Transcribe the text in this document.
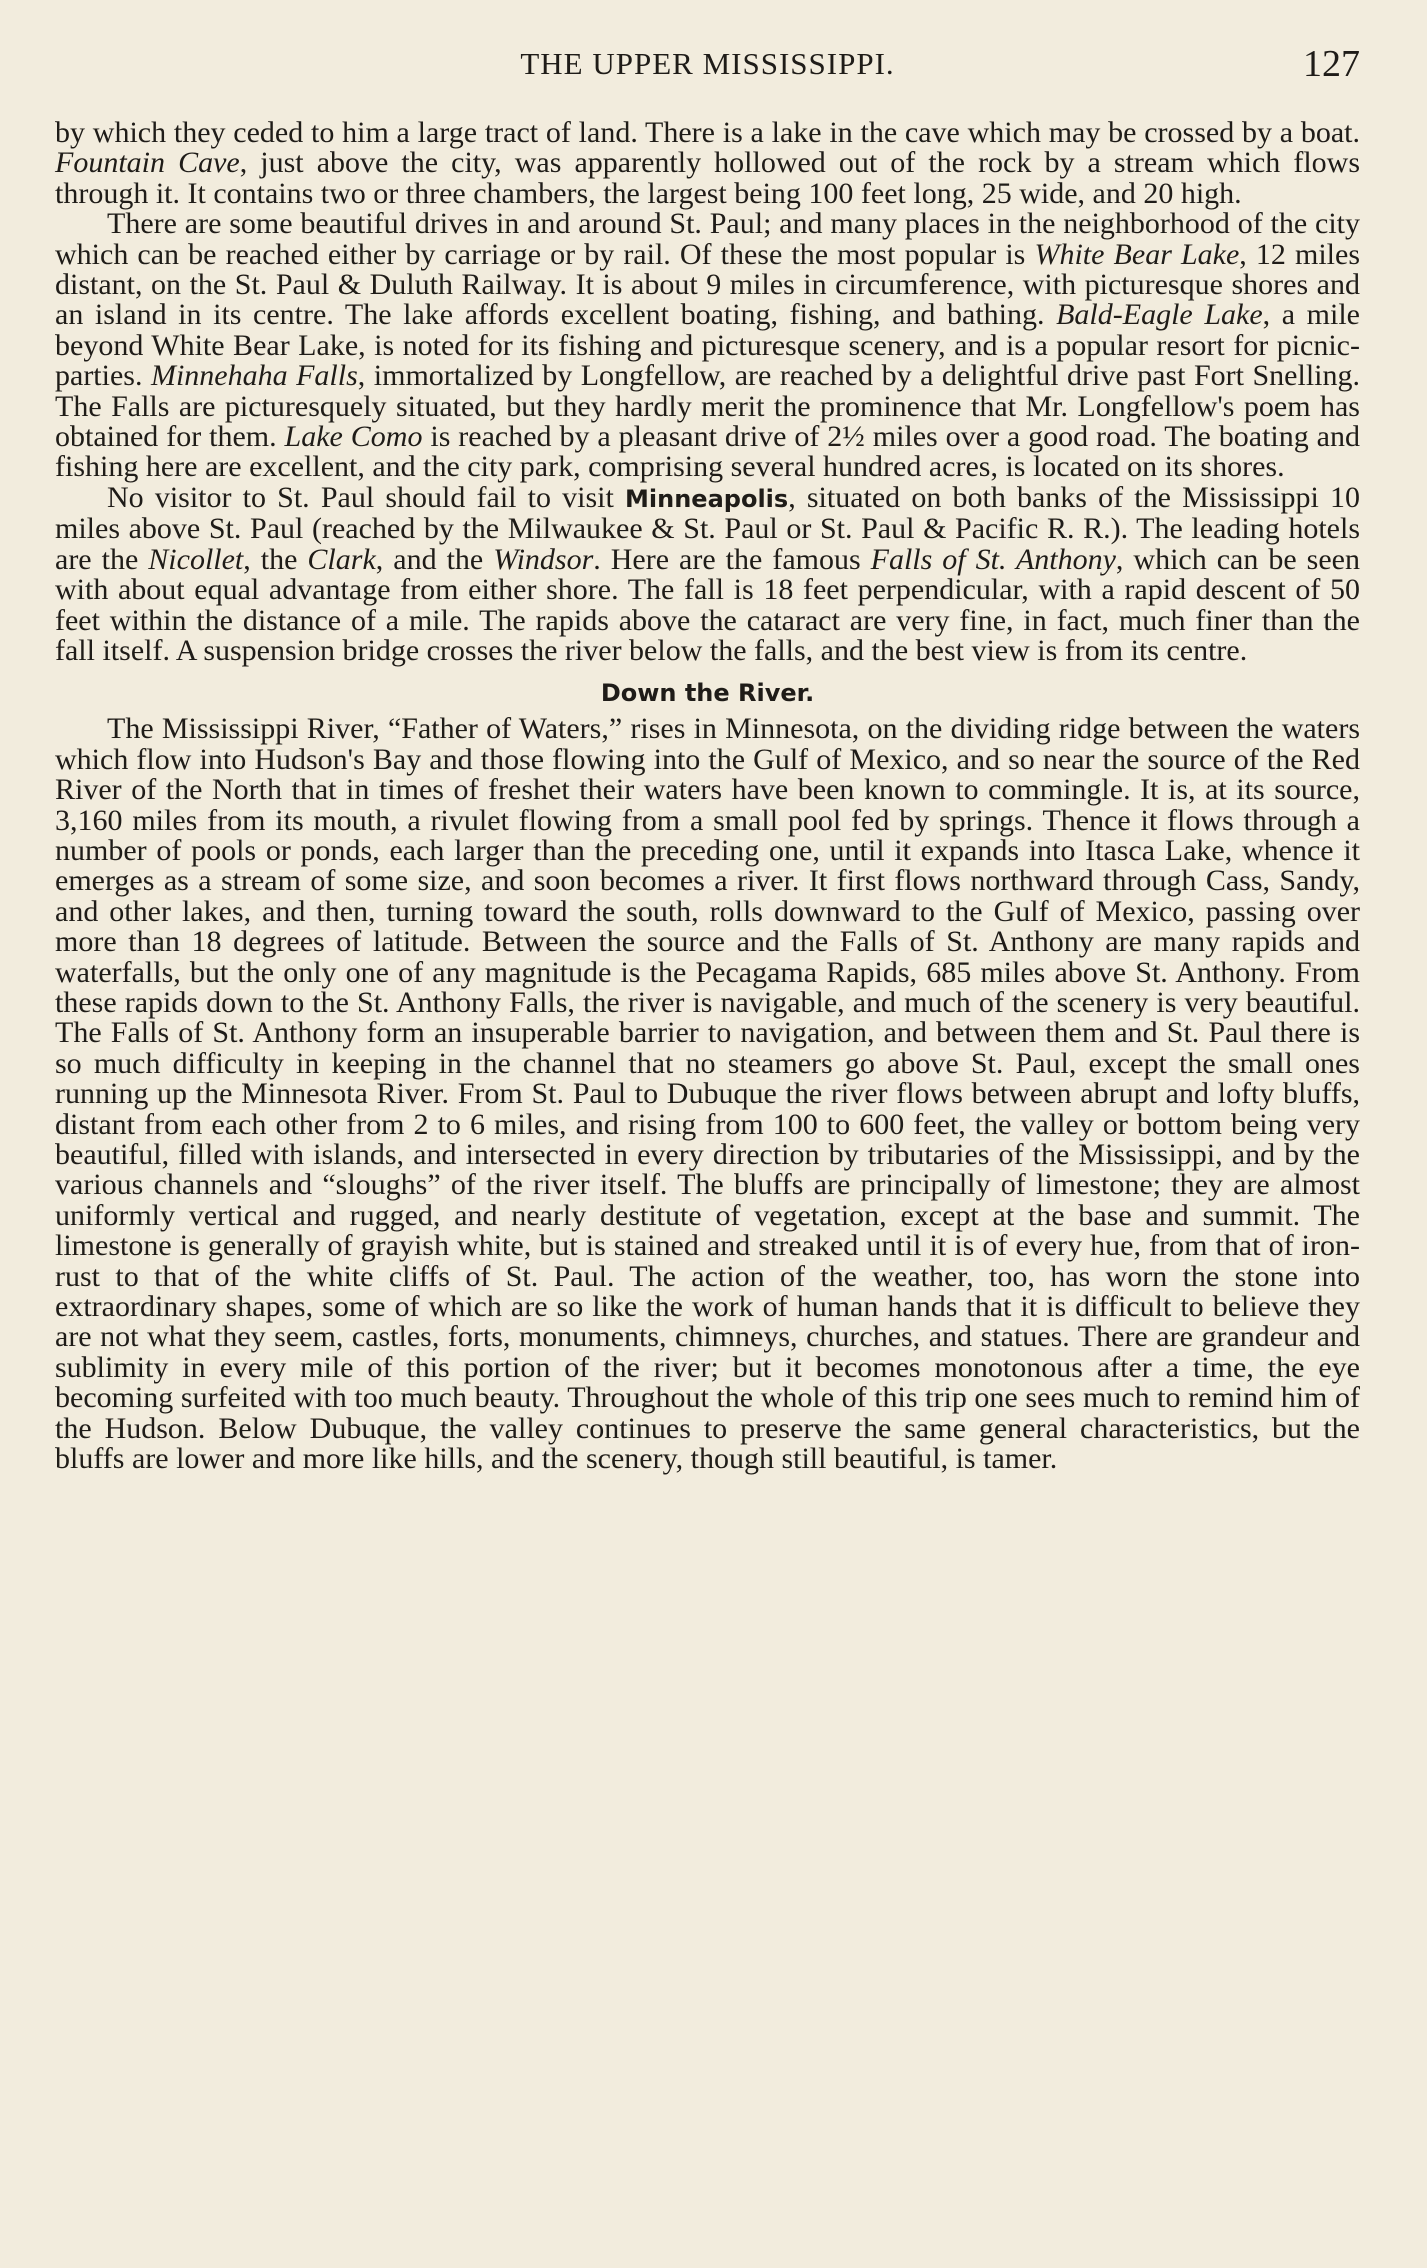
THE UPPER MISSISSIPPI.	127

by which they ceded to him a large tract of land. There is a lake in the cave which may be crossed by a boat. Fountain Cave, just above the city, was apparently hollowed out of the rock by a stream which flows through it. It contains two or three chambers, the largest being 100 feet long, 25 wide, and 20 high.

There are some beautiful drives in and around St. Paul; and many places in the neighborhood of the city which can be reached either by carriage or by rail. Of these the most popular is White Bear Lake, 12 miles distant, on the St. Paul & Duluth Railway. It is about 9 miles in circumference, with picturesque shores and an island in its centre. The lake affords excellent boating, fishing, and bathing. Bald-Eagle Lake, a mile beyond White Bear Lake, is noted for its fishing and picturesque scenery, and is a popular resort for picnic-parties. Minnehaha Falls, immortalized by Longfellow, are reached by a delightful drive past Fort Snelling. The Falls are picturesquely situated, but they hardly merit the prominence that Mr. Longfellow's poem has obtained for them. Lake Como is reached by a pleasant drive of 2½ miles over a good road. The boating and fishing here are excellent, and the city park, comprising several hundred acres, is located on its shores.

No visitor to St. Paul should fail to visit Minneapolis, situated on both banks of the Mississippi 10 miles above St. Paul (reached by the Milwaukee & St. Paul or St. Paul & Pacific R. R.). The leading hotels are the Nicollet, the Clark, and the Windsor. Here are the famous Falls of St. Anthony, which can be seen with about equal advantage from either shore. The fall is 18 feet perpendicular, with a rapid descent of 50 feet within the distance of a mile. The rapids above the cataract are very fine, in fact, much finer than the fall itself. A suspension bridge crosses the river below the falls, and the best view is from its centre.

Down the River.

The Mississippi River, “Father of Waters,” rises in Minnesota, on the dividing ridge between the waters which flow into Hudson's Bay and those flowing into the Gulf of Mexico, and so near the source of the Red River of the North that in times of freshet their waters have been known to commingle. It is, at its source, 3,160 miles from its mouth, a rivulet flowing from a small pool fed by springs. Thence it flows through a number of pools or ponds, each larger than the preceding one, until it expands into Itasca Lake, whence it emerges as a stream of some size, and soon becomes a river. It first flows northward through Cass, Sandy, and other lakes, and then, turning toward the south, rolls downward to the Gulf of Mexico, passing over more than 18 degrees of latitude. Between the source and the Falls of St. Anthony are many rapids and waterfalls, but the only one of any magnitude is the Pecagama Rapids, 685 miles above St. Anthony. From these rapids down to the St. Anthony Falls, the river is navigable, and much of the scenery is very beautiful. The Falls of St. Anthony form an insuperable barrier to navigation, and between them and St. Paul there is so much difficulty in keeping in the channel that no steamers go above St. Paul, except the small ones running up the Minnesota River. From St. Paul to Dubuque the river flows between abrupt and lofty bluffs, distant from each other from 2 to 6 miles, and rising from 100 to 600 feet, the valley or bottom being very beautiful, filled with islands, and intersected in every direction by tributaries of the Mississippi, and by the various channels and “sloughs” of the river itself. The bluffs are principally of limestone; they are almost uniformly vertical and rugged, and nearly destitute of vegetation, except at the base and summit. The limestone is generally of grayish white, but is stained and streaked until it is of every hue, from that of iron-rust to that of the white cliffs of St. Paul. The action of the weather, too, has worn the stone into extraordinary shapes, some of which are so like the work of human hands that it is difficult to believe they are not what they seem, castles, forts, monuments, chimneys, churches, and statues. There are grandeur and sublimity in every mile of this portion of the river; but it becomes monotonous after a time, the eye becoming surfeited with too much beauty. Throughout the whole of this trip one sees much to remind him of the Hudson. Below Dubuque, the valley continues to preserve the same general characteristics, but the bluffs are lower and more like hills, and the scenery, though still beautiful, is tamer.
